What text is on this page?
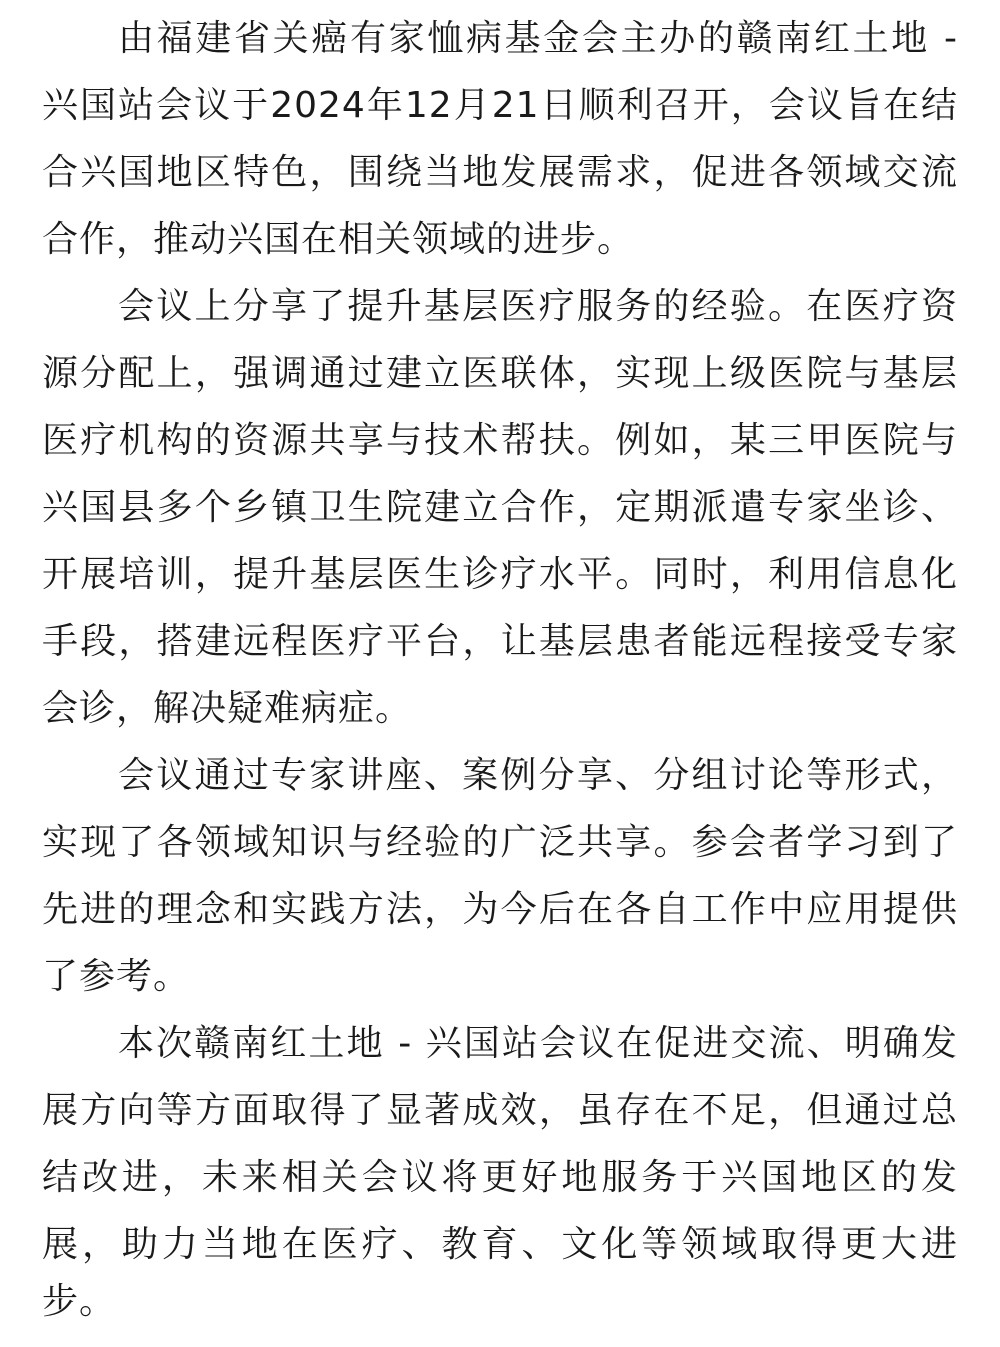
由福建省关癌有家恤病基金会主办的赣南红土地 -
兴国站会议于2024年12月21日顺利召开，会议旨在结
合兴国地区特色，围绕当地发展需求，促进各领域交流
合作，推动兴国在相关领域的进步。
会议上分享了提升基层医疗服务的经验。在医疗资
源分配上，强调通过建立医联体，实现上级医院与基层
医疗机构的资源共享与技术帮扶。例如，某三甲医院与
兴国县多个乡镇卫生院建立合作，定期派遣专家坐诊、
开展培训，提升基层医生诊疗水平。同时，利用信息化
手段，搭建远程医疗平台，让基层患者能远程接受专家
会诊，解决疑难病症。
会议通过专家讲座、案例分享、分组讨论等形式，
实现了各领域知识与经验的广泛共享。参会者学习到了
先进的理念和实践方法，为今后在各自工作中应用提供
了参考。
本次赣南红土地 - 兴国站会议在促进交流、明确发
展方向等方面取得了显著成效，虽存在不足，但通过总
结改进，未来相关会议将更好地服务于兴国地区的发
展，助力当地在医疗、教育、文化等领域取得更大进
步。
